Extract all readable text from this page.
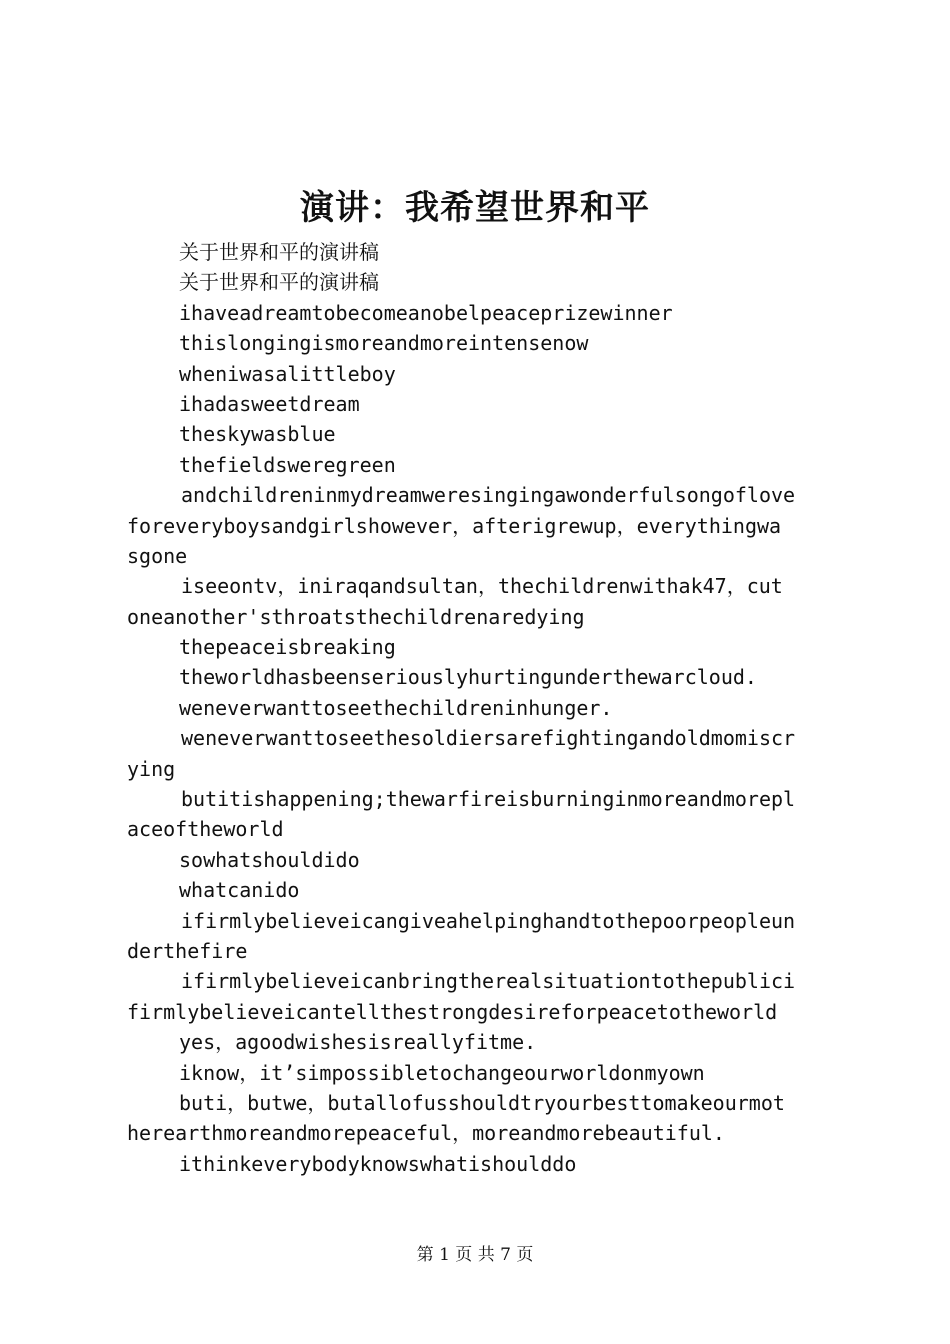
演讲：我希望世界和平
关于世界和平的演讲稿
关于世界和平的演讲稿
ihaveadreamtobecomeanobelpeaceprizewinner
thislongingismoreandmoreintensenow
wheniwasalittleboy
ihadasweetdream
theskywasblue
thefieldsweregreen
andchildreninmydreamweresingingawonderfulsongoflove
foreveryboysandgirlshowever，afterigrewup，everythingwa
sgone
iseeontv，iniraqandsultan，thechildrenwithak47，cut
oneanother'sthroatsthechildrenaredying
thepeaceisbreaking
theworldhasbeenseriouslyhurtingunderthewarcloud.
weneverwanttoseethechildreninhunger.
weneverwanttoseethesoldiersarefightingandoldmomiscr
ying
butitishappening;thewarfireisburninginmoreandmorepl
aceoftheworld
sowhatshouldido
whatcanido
ifirmlybelieveicangiveahelpinghandtothepoorpeopleun
derthefire
ifirmlybelieveicanbringtherealsituationtothepublici
firmlybelieveicantellthestrongdesireforpeacetotheworld
yes，agoodwishesisreallyfitme.
iknow，it’simpossibletochangeourworldonmyown
buti，butwe，butallofusshouldtryourbesttomakeourmot
herearthmoreandmorepeaceful，moreandmorebeautiful.
ithinkeverybodyknowswhatishoulddo
第 1 页 共 7 页
